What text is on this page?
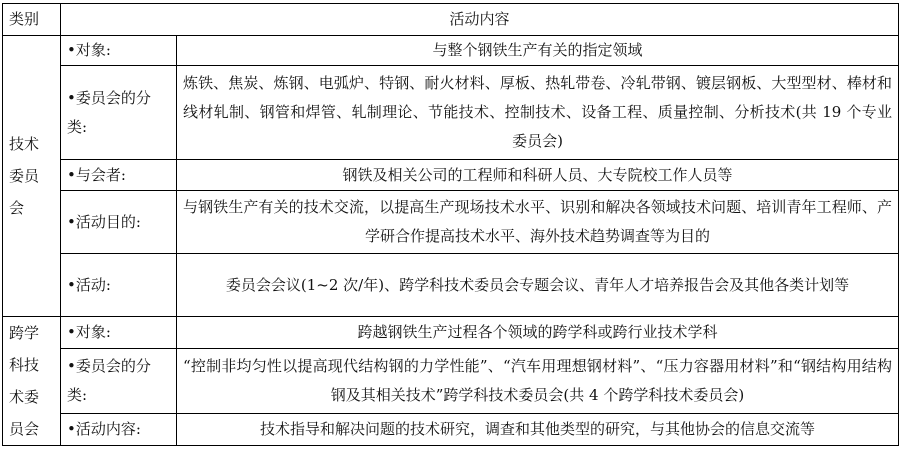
类别	活动内容	

技术委员会	•对象:	与整个钢铁生产有关的指定领域
	•委员会的分类:	炼铁、焦炭、炼钢、电弧炉、特钢、耐火材料、厚板、热轧带卷、冷轧带钢、镀层钢板、大型型材、棒材和线材轧制、钢管和焊管、轧制理论、节能技术、控制技术、设备工程、质量控制、分析技术(共 19 个专业委员会)
	•与会者:	钢铁及相关公司的工程师和科研人员、大专院校工作人员等
	•活动目的:	与钢铁生产有关的技术交流，以提高生产现场技术水平、识别和解决各领域技术问题、培训青年工程师、产学研合作提高技术水平、海外技术趋势调查等为目的
	•活动:	委员会会议(1~2 次/年)、跨学科技术委员会专题会议、青年人才培养报告会及其他各类计划等

跨学科技术委员会	•对象:	跨越钢铁生产过程各个领域的跨学科或跨行业技术学科
	•委员会的分类:	“控制非均匀性以提高现代结构钢的力学性能”、“汽车用理想钢材料”、“压力容器用材料”和“钢结构用结构钢及其相关技术”跨学科技术委员会(共 4 个跨学科技术委员会)
	•活动内容:	技术指导和解决问题的技术研究，调查和其他类型的研究，与其他协会的信息交流等
